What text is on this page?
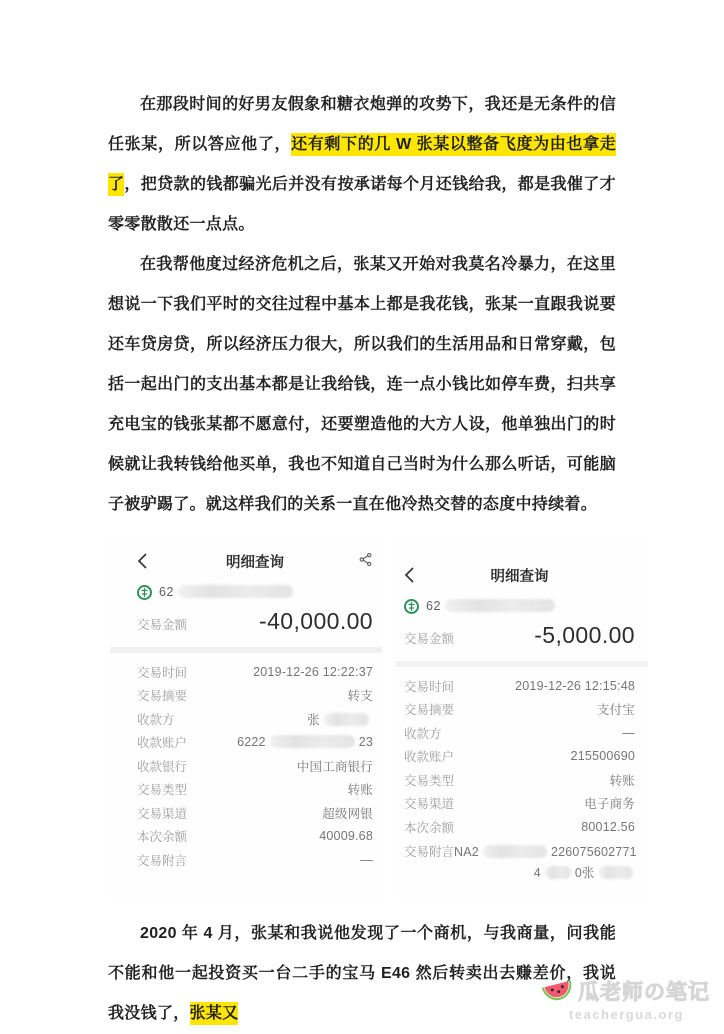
在那段时间的好男友假象和糖衣炮弹的攻势下，我还是无条件的信任张某，所以答应他了，还有剩下的几 W 张某以整备飞度为由也拿走了，把贷款的钱都骗光后并没有按承诺每个月还钱给我，都是我催了才零零散散还一点点。

在我帮他度过经济危机之后，张某又开始对我莫名冷暴力，在这里想说一下我们平时的交往过程中基本上都是我花钱，张某一直跟我说要还车贷房贷，所以经济压力很大，所以我们的生活用品和日常穿戴，包括一起出门的支出基本都是让我给钱，连一点小钱比如停车费，扫共享充电宝的钱张某都不愿意付，还要塑造他的大方人设，他单独出门的时候就让我转钱给他买单，我也不知道自己当时为什么那么听话，可能脑子被驴踢了。就这样我们的关系一直在他冷热交替的态度中持续着。

明细查询
62
交易金额	-40,000.00
交易时间	2019-12-26 12:22:37
交易摘要	转支
收款方	张
收款账户	6222	23
收款银行	中国工商银行
交易类型	转账
交易渠道	超级网银
本次余额	40009.68
交易附言	—
明细查询
62
交易金额	-5,000.00
交易时间	2019-12-26 12:15:48
交易摘要	支付宝
收款方	—
收款账户	215500690
交易类型	转账
交易渠道	电子商务
本次余额	80012.56
交易附言 NA2	226075602771
4	0张

2020 年 4 月，张某和我说他发现了一个商机，与我商量，问我能不能和他一起投资买一台二手的宝马 E46 然后转卖出去赚差价，我说我没钱了，张某又

瓜老师の笔记
teachergua.org
